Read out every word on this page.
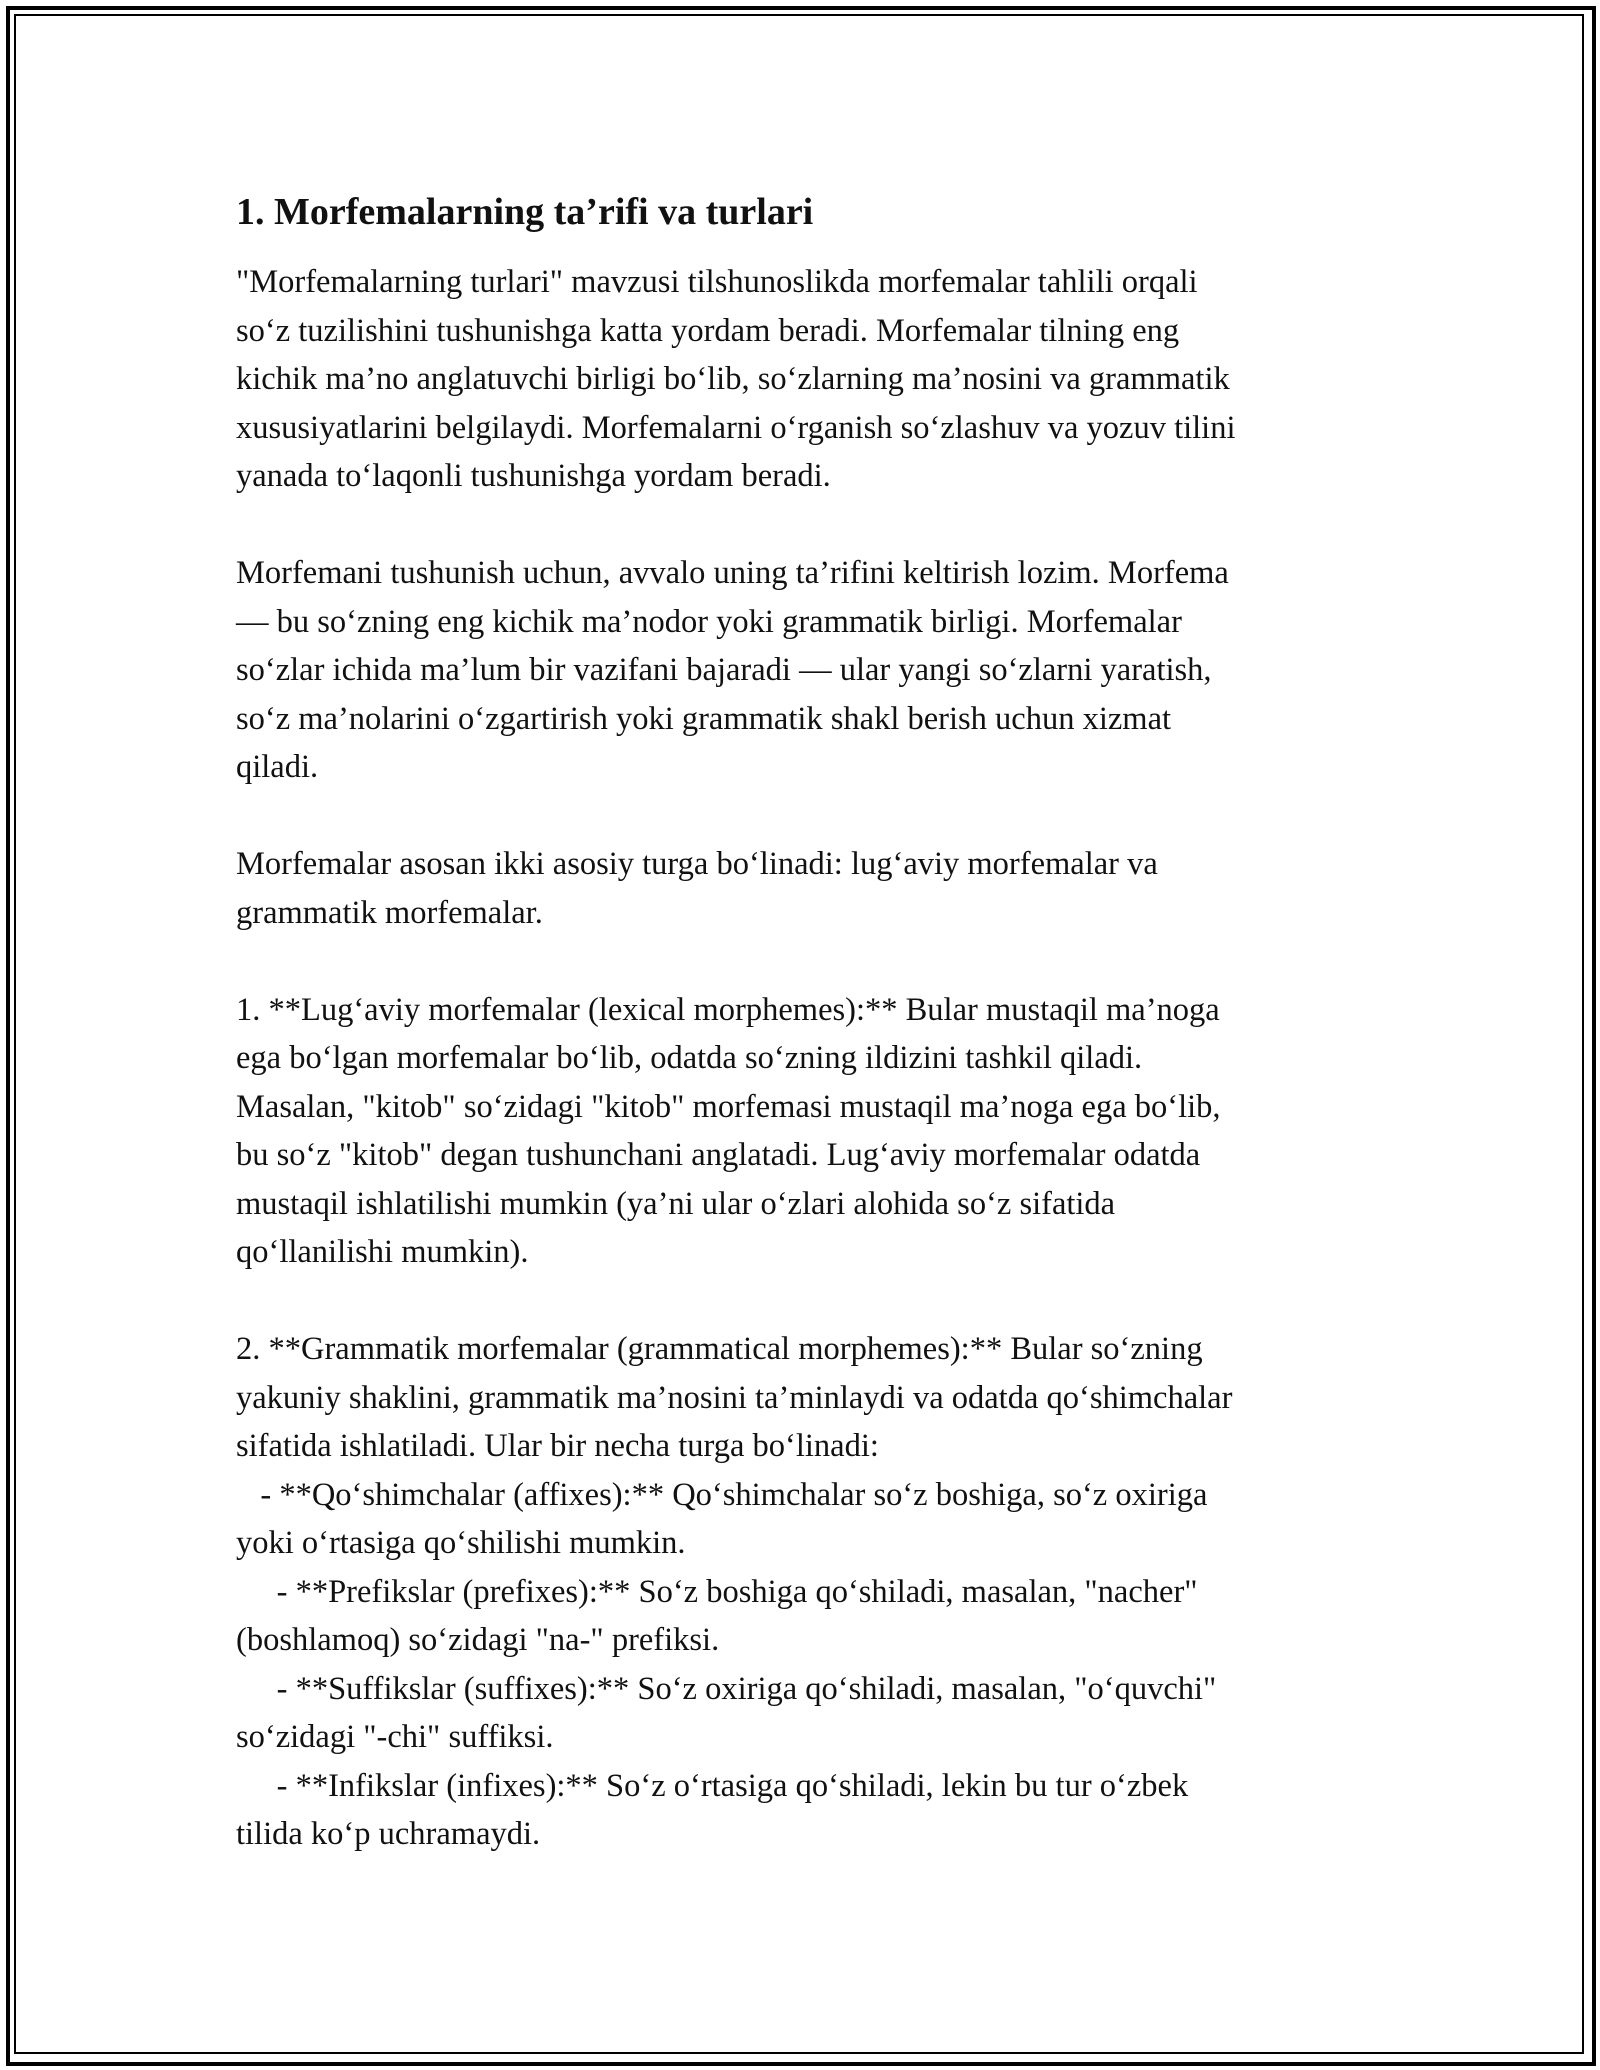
1. Morfemalarning ta’rifi va turlari
"Morfemalarning turlari" mavzusi tilshunoslikda morfemalar tahlili orqali
so‘z tuzilishini tushunishga katta yordam beradi. Morfemalar tilning eng
kichik ma’no anglatuvchi birligi bo‘lib, so‘zlarning ma’nosini va grammatik
xususiyatlarini belgilaydi. Morfemalarni o‘rganish so‘zlashuv va yozuv tilini
yanada to‘laqonli tushunishga yordam beradi.
Morfemani tushunish uchun, avvalo uning ta’rifini keltirish lozim. Morfema
— bu so‘zning eng kichik ma’nodor yoki grammatik birligi. Morfemalar
so‘zlar ichida ma’lum bir vazifani bajaradi — ular yangi so‘zlarni yaratish,
so‘z ma’nolarini o‘zgartirish yoki grammatik shakl berish uchun xizmat
qiladi.
Morfemalar asosan ikki asosiy turga bo‘linadi: lug‘aviy morfemalar va
grammatik morfemalar.
1. **Lug‘aviy morfemalar (lexical morphemes):** Bular mustaqil ma’noga
ega bo‘lgan morfemalar bo‘lib, odatda so‘zning ildizini tashkil qiladi.
Masalan, "kitob" so‘zidagi "kitob" morfemasi mustaqil ma’noga ega bo‘lib,
bu so‘z "kitob" degan tushunchani anglatadi. Lug‘aviy morfemalar odatda
mustaqil ishlatilishi mumkin (ya’ni ular o‘zlari alohida so‘z sifatida
qo‘llanilishi mumkin).
2. **Grammatik morfemalar (grammatical morphemes):** Bular so‘zning
yakuniy shaklini, grammatik ma’nosini ta’minlaydi va odatda qo‘shimchalar
sifatida ishlatiladi. Ular bir necha turga bo‘linadi:
- **Qo‘shimchalar (affixes):** Qo‘shimchalar so‘z boshiga, so‘z oxiriga
yoki o‘rtasiga qo‘shilishi mumkin.
- **Prefikslar (prefixes):** So‘z boshiga qo‘shiladi, masalan, "nacher"
(boshlamoq) so‘zidagi "na-" prefiksi.
- **Suffikslar (suffixes):** So‘z oxiriga qo‘shiladi, masalan, "o‘quvchi"
so‘zidagi "-chi" suffiksi.
- **Infikslar (infixes):** So‘z o‘rtasiga qo‘shiladi, lekin bu tur o‘zbek
tilida ko‘p uchramaydi.
